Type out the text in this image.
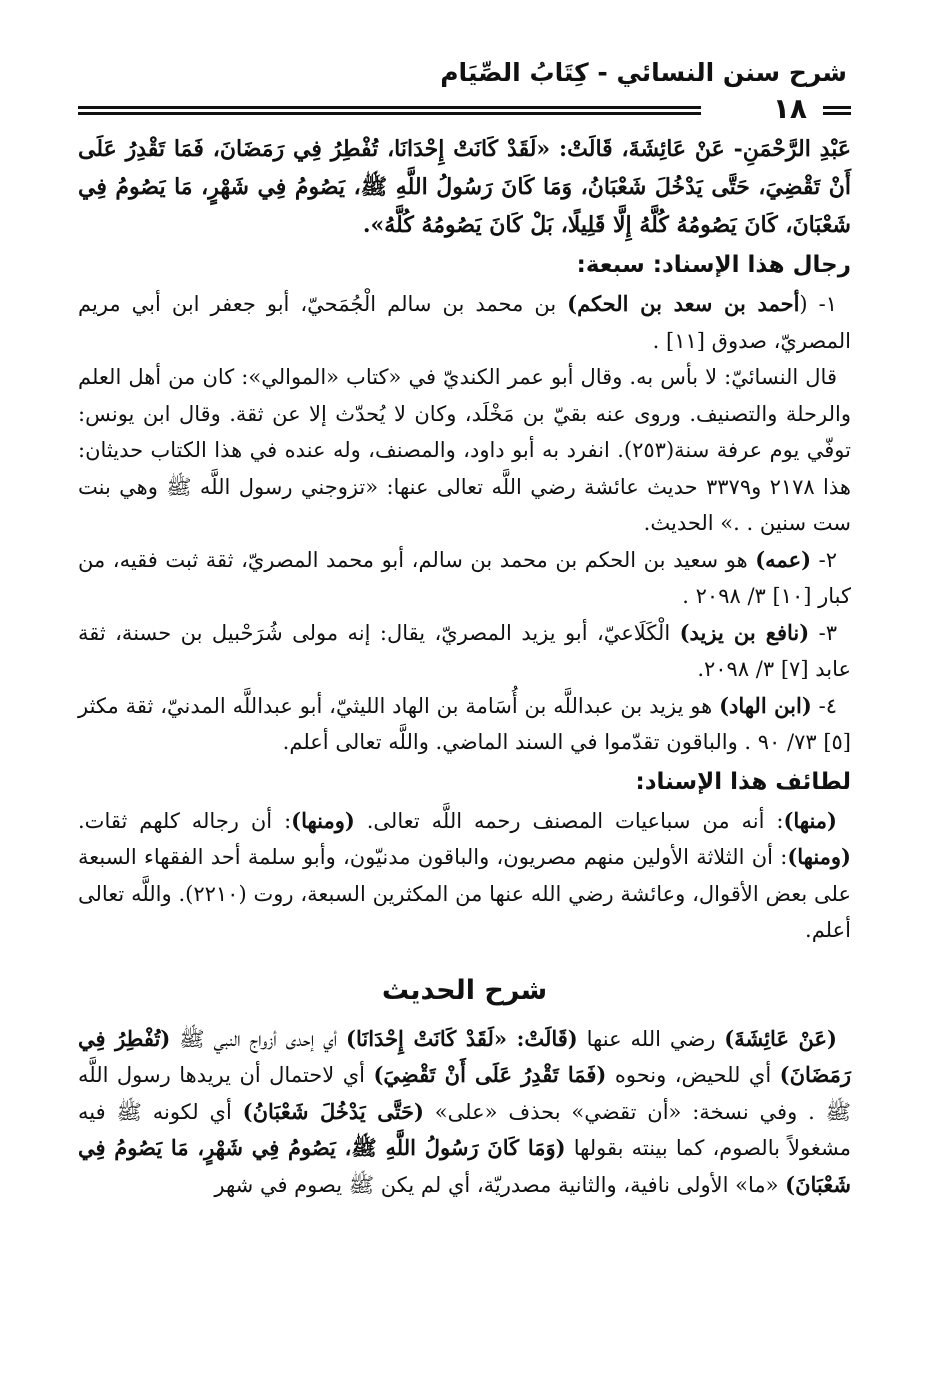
شرح سنن النسائي - كِتَابُ الصِّيَام
١٨

عَبْدِ الرَّحْمَنِ- عَنْ عَائِشَةَ، قَالَتْ: «لَقَدْ كَانَتْ إِحْدَانَا، تُفْطِرُ فِي رَمَضَانَ، فَمَا تَقْدِرُ عَلَى أَنْ تَقْضِيَ، حَتَّى يَدْخُلَ شَعْبَانُ، وَمَا كَانَ رَسُولُ اللَّهِ ﷺ، يَصُومُ فِي شَهْرٍ، مَا يَصُومُ فِي شَعْبَانَ، كَانَ يَصُومُهُ كُلَّهُ إِلَّا قَلِيلًا، بَلْ كَانَ يَصُومُهُ كُلَّهُ».

رجال هذا الإسناد: سبعة:

١- (أحمد بن سعد بن الحكم) بن محمد بن سالم الْجُمَحيّ، أبو جعفر ابن أبي مريم المصريّ، صدوق [١١] .

قال النسائيّ: لا بأس به. وقال أبو عمر الكنديّ في «كتاب «الموالي»: كان من أهل العلم والرحلة والتصنيف. وروى عنه بقيّ بن مَخْلَد، وكان لا يُحدّث إلا عن ثقة. وقال ابن يونس: توفّي يوم عرفة سنة(٢٥٣). انفرد به أبو داود، والمصنف، وله عنده في هذا الكتاب حديثان: هذا ٢١٧٨ و٣٣٧٩ حديث عائشة رضي اللَّه تعالى عنها: «تزوجني رسول اللَّه ﷺ وهي بنت ست سنين . .» الحديث.

٢- (عمه) هو سعيد بن الحكم بن محمد بن سالم، أبو محمد المصريّ، ثقة ثبت فقيه، من كبار [١٠] ٣/ ٢٠٩٨ .

٣- (نافع بن يزيد) الْكَلَاعيّ، أبو يزيد المصريّ، يقال: إنه مولى شُرَحْبيل بن حسنة، ثقة عابد [٧] ٣/ ٢٠٩٨.

٤- (ابن الهاد) هو يزيد بن عبداللَّه بن أُسَامة بن الهاد الليثيّ، أبو عبداللَّه المدنيّ، ثقة مكثر [٥] ٧٣/ ٩٠ . والباقون تقدّموا في السند الماضي. واللَّه تعالى أعلم.

لطائف هذا الإسناد:

(منها): أنه من سباعيات المصنف رحمه اللَّه تعالى. (ومنها): أن رجاله كلهم ثقات. (ومنها): أن الثلاثة الأولين منهم مصريون، والباقون مدنيّون، وأبو سلمة أحد الفقهاء السبعة على بعض الأقوال، وعائشة رضي الله عنها من المكثرين السبعة، روت (٢٢١٠). واللَّه تعالى أعلم.

شرح الحديث

(عَنْ عَائِشَةَ) رضي الله عنها (قَالَتْ: «لَقَدْ كَانَتْ إِحْدَانَا) أي إحدى أزواج النبي ﷺ (تُفْطِرُ فِي رَمَضَانَ) أي للحيض، ونحوه (فَمَا تَقْدِرُ عَلَى أَنْ تَقْضِيَ) أي لاحتمال أن يريدها رسول اللَّه ﷺ . وفي نسخة: «أن تقضي» بحذف «على» (حَتَّى يَدْخُلَ شَعْبَانُ) أي لكونه ﷺ فيه مشغولاً بالصوم، كما بينته بقولها (وَمَا كَانَ رَسُولُ اللَّهِ ﷺ، يَصُومُ فِي شَهْرٍ، مَا يَصُومُ فِي شَعْبَانَ) «ما» الأولى نافية، والثانية مصدريّة، أي لم يكن ﷺ يصوم في شهر
